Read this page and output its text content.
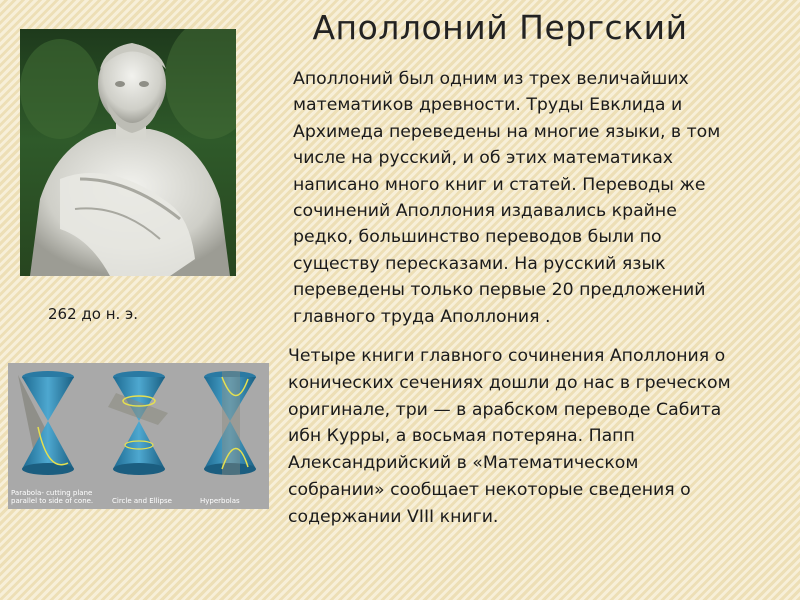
Аполлоний Пергский
262 до н. э.

Аполлоний был одним из трех величайших математиков древности. Труды Евклида и Архимеда переведены на многие языки, в том числе на русский, и об этих математиках написано много книг и статей. Переводы же сочинений Аполлония издавались крайне редко, большинство переводов были по существу пересказами. На русский язык переведены только первые 20 предложений главного труда Аполлония .

Parabola- cutting plane parallel to side of cone.	Circle and Ellipse	Hyperbolas

Четыре книги главного сочинения Аполлония о конических сечениях дошли до нас в греческом оригинале, три — в арабском переводе Сабита ибн Курры, а восьмая потеряна. Папп Александрийский в «Математическом собрании» сообщает некоторые сведения о содержании VIII книги.
